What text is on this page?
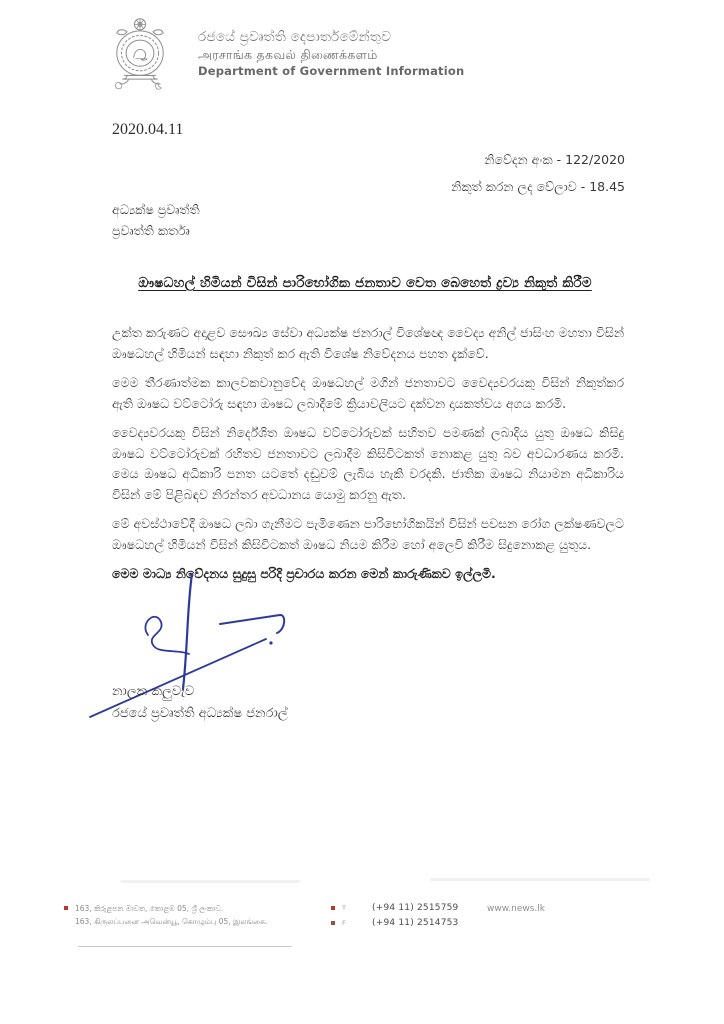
රජයේ ප්‍රවෘත්ති දෙපාර්තමේන්තුව
அரசாங்க தகவல் திணைக்களம்
Department of Government Information
2020.04.11
නිවේදන අංක - 122/2020
නිකුත් කරන ලද වේලාව - 18.45
අධ්‍යක්ෂ ප්‍රවෘත්ති
ප්‍රවෘත්ති කර්තෘ
ඖෂධහල් හිමියන් විසින් පාරිභෝගික ජනතාව වෙත බෙහෙත් ද්‍රව්‍ය නිකුත් කිරීම

උක්ත කරුණට අදාළව සෞඛ්‍ය සේවා අධ්‍යක්ෂ ජනරාල් විශේෂඥ වෛද්‍ය අනිල් ජාසිංහ මහතා විසින් ඖෂධහල් හිමියන් සඳහා නිකුත් කර ඇති විශේෂ නිවේදනය පහත දැක්වේ.

මෙම තීරණාත්මක කාලවකවානුවේද ඖෂධහල් මගින් ජනතාවට වෛද්‍යවරයකු විසින් නිකුත්කර ඇති ඖෂධ වට්ටෝරු සඳහා ඖෂධ ලබාදීමේ ක්‍රියාවලියට දක්වන දායකත්වය අගය කරමි.

වෛද්‍යවරයකු විසින් නිර්දේශිත ඖෂධ වට්ටෝරුවක් සහිතව පමණක් ලබාදිය යුතු ඖෂධ කිසිදු ඖෂධ වට්ටෝරුවක් රහිතව ජනතාවට ලබාදීම කිසිවිටකත් නොකළ යුතු බව අවධාරණය කරමි. මෙය ඖෂධ අධිකාරි පනත යටතේ දඬුවම් ලැබිය හැකි වරදකි. ජාතික ඖෂධ නියාමන අධිකාරිය විසින් මේ පිළිබඳව නිරන්තර අවධානය යොමු කරනු ඇත.

මේ අවස්ථාවේදී ඖෂධ ලබා ගැනීමට පැමිණෙන පාරිභෝගිකයින් විසින් පවසන රෝග ලක්ෂණවලට ඖෂධහල් හිමියන් විසින් කිසිවිටකත් ඖෂධ නියම කිරීම හෝ අලෙවි කිරීම සිදුනොකළ යුතුය.

මෙම මාධ්‍ය නිවේදනය සුදුසු පරිදි ප්‍රචාරය කරන මෙන් කාරුණිකව ඉල්ලමි.

නාලක කලුවැව
රජයේ ප්‍රවෘත්ති අධ්‍යක්ෂ ජනරාල්
163, කිරුළපන මාවත, කොළඹ 05, ශ්‍රී ලංකාව.
163, கிருலப்பனை அவென்யூ, கொழும்பு 05, இலங்கை.
T	(+94 11) 2515759
F	(+94 11) 2514753
www.news.lk
